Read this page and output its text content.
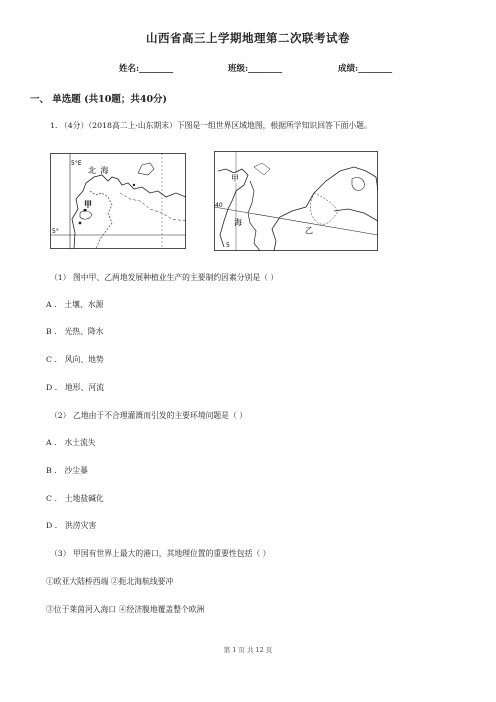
山西省高三上学期地理第二次联考试卷
姓名:________	班级:________	成绩:________
一、 单选题 (共10题；共40分)
1. （4分）（2018高二上·山东期末）下图是一组世界区域地图，根据所学知识回答下面小题。
5°E
5°
北 海
甲
甲
海
40
5
乙
（1） 图中甲、乙两地发展种植业生产的主要制约因素分别是（ ）
A ． 土壤、水源
B ． 光热、降水
C ． 风向、地势
D ． 地形、河流
（2） 乙地由于不合理灌溉而引发的主要环境问题是（ ）
A ． 水土流失
B ． 沙尘暴
C ． 土地盐碱化
D ． 洪涝灾害
（3） 甲国有世界上最大的港口，其地理位置的重要性包括（ ）
①欧亚大陆桥西端 ②扼北海航线要冲
③位于莱茵河入海口 ④经济腹地覆盖整个欧洲
第 1 页 共 12 页
